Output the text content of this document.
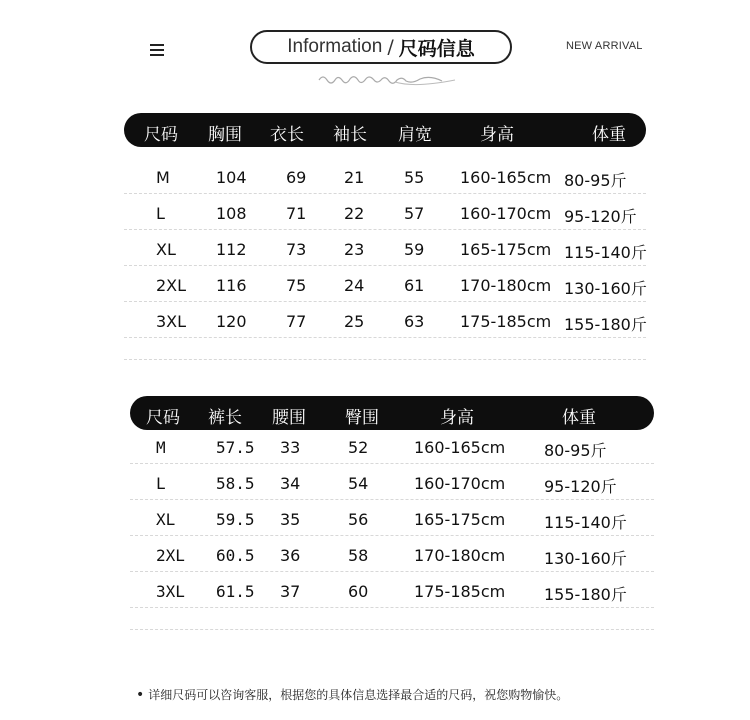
Information / 尺码信息	NEW ARRIVAL
尺码 胸围 衣长 袖长 肩宽	身高	体重
M	104 69 21 55 160-165cm 80-95斤
L	108 71 22 57 160-170cm 95-120斤
XL	112 73 23 59 165-175cm 115-140斤
2XL 116 75 24 61 170-180cm 130-160斤
3XL 120 77 25 63 175-185cm 155-180斤
尺码 裤长 腰围 臀围	身高	体重
M	57.5 33	52	160-165cm 80-95斤
L	58.5 34	54	160-170cm 95-120斤
XL	59.5 35	56	165-175cm 115-140斤
2XL 60.5 36	58	170-180cm 130-160斤
3XL 61.5 37	60	175-185cm 155-180斤
• 详细尺码可以咨询客服，根据您的具体信息选择最合适的尺码，祝您购物愉快。
